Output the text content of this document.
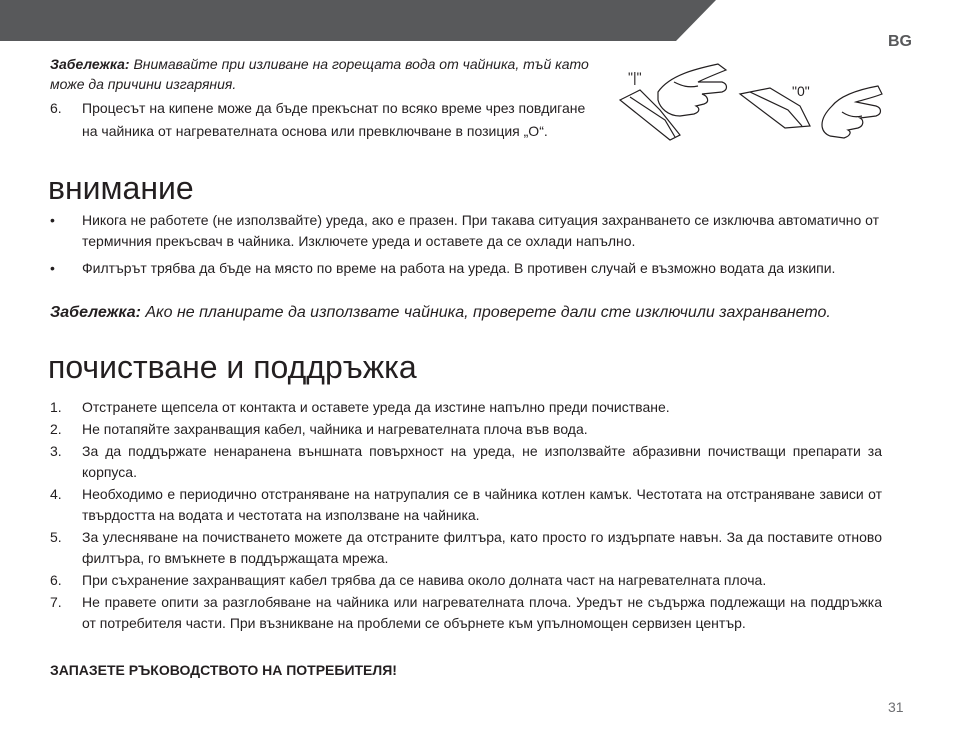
BG
Забележка: Внимавайте при изливане на горещата вода от чайника, тъй като може да причини изгаряния.
6. Процесът на кипене може да бъде прекъснат по всяко време чрез повдигане на чайника от нагревателната основа или превключване в позиция „О“.
"|"
"0"
внимание
• Никога не работете (не използвайте) уреда, ако е празен. При такава ситуация захранването се изключва автоматично от термичния прекъсвач в чайника. Изключете уреда и оставете да се охлади напълно.
• Филтърът трябва да бъде на място по време на работа на уреда. В противен случай е възможно водата да изкипи.
Забележка: Ако не планирате да използвате чайника, проверете дали сте изключили захранването.
почистване и поддръжка
1. Отстранете щепсела от контакта и оставете уреда да изстине напълно преди почистване.
2. Не потапяйте захранващия кабел, чайника и нагревателната плоча във вода.
3. За да поддържате ненаранена външната повърхност на уреда, не използвайте абразивни почистващи препарати за корпуса.
4. Необходимо е периодично отстраняване на натрупалия се в чайника котлен камък. Честотата на отстраняване зависи от твърдостта на водата и честотата на използване на чайника.
5. За улесняване на почистването можете да отстраните филтъра, като просто го издърпате навън. За да поставите отново филтъра, го вмъкнете в поддържащата мрежа.
6. При съхранение захранващият кабел трябва да се навива около долната част на нагревателната плоча.
7. Не правете опити за разглобяване на чайника или нагревателната плоча. Уредът не съдържа подлежащи на поддръжка от потребителя части. При възникване на проблеми се обърнете към упълномощен сервизен център.
ЗАПАЗЕТЕ РЪКОВОДСТВОТО НА ПОТРЕБИТЕЛЯ!
31
